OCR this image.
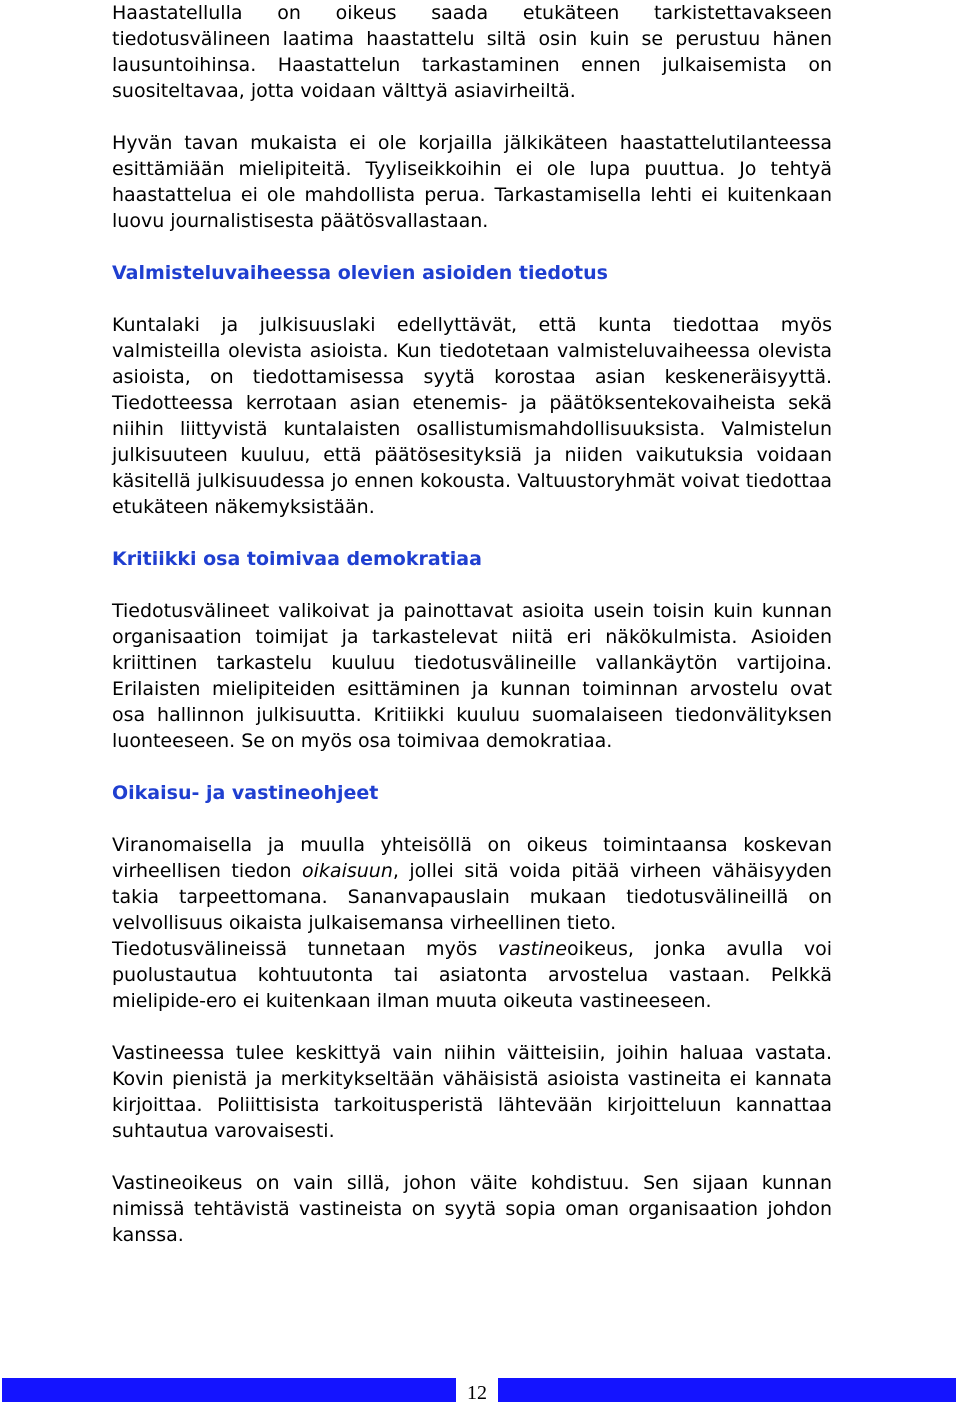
Haastatellulla on oikeus saada etukäteen tarkistettavakseen tiedotusvälineen laatima haastattelu siltä osin kuin se perustuu hänen lausuntoihinsa. Haastattelun tarkastaminen ennen julkaisemista on suositeltavaa, jotta voidaan välttyä asiavirheiltä.

Hyvän tavan mukaista ei ole korjailla jälkikäteen haastattelutilanteessa esittämiään mielipiteitä. Tyyliseikkoihin ei ole lupa puuttua. Jo tehtyä haastattelua ei ole mahdollista perua. Tarkastamisella lehti ei kuitenkaan luovu journalistisesta päätösvallastaan.

Valmisteluvaiheessa olevien asioiden tiedotus

Kuntalaki ja julkisuuslaki edellyttävät, että kunta tiedottaa myös valmisteilla olevista asioista. Kun tiedotetaan valmisteluvaiheessa olevista asioista, on tiedottamisessa syytä korostaa asian keskeneräisyyttä. Tiedotteessa kerrotaan asian etenemis- ja päätöksentekovaiheista sekä niihin liittyvistä kuntalaisten osallistumismahdollisuuksista. Valmistelun julkisuuteen kuuluu, että päätösesityksiä ja niiden vaikutuksia voidaan käsitellä julkisuudessa jo ennen kokousta. Valtuustoryhmät voivat tiedottaa etukäteen näkemyksistään.

Kritiikki osa toimivaa demokratiaa

Tiedotusvälineet valikoivat ja painottavat asioita usein toisin kuin kunnan organisaation toimijat ja tarkastelevat niitä eri näkökulmista. Asioiden kriittinen tarkastelu kuuluu tiedotusvälineille vallankäytön vartijoina. Erilaisten mielipiteiden esittäminen ja kunnan toiminnan arvostelu ovat osa hallinnon julkisuutta. Kritiikki kuuluu suomalaiseen tiedonvälityksen luonteeseen. Se on myös osa toimivaa demokratiaa.

Oikaisu- ja vastineohjeet

Viranomaisella ja muulla yhteisöllä on oikeus toimintaansa koskevan virheellisen tiedon oikaisuun, jollei sitä voida pitää virheen vähäisyyden takia tarpeettomana. Sananvapauslain mukaan tiedotusvälineillä on velvollisuus oikaista julkaisemansa virheellinen tieto.

Tiedotusvälineissä tunnetaan myös vastineoikeus, jonka avulla voi puolustautua kohtuutonta tai asiatonta arvostelua vastaan. Pelkkä mielipide-ero ei kuitenkaan ilman muuta oikeuta vastineeseen.

Vastineessa tulee keskittyä vain niihin väitteisiin, joihin haluaa vastata. Kovin pienistä ja merkitykseltään vähäisistä asioista vastineita ei kannata kirjoittaa. Poliittisista tarkoitusperistä lähtevään kirjoitteluun kannattaa suhtautua varovaisesti.

Vastineoikeus on vain sillä, johon väite kohdistuu. Sen sijaan kunnan nimissä tehtävistä vastineista on syytä sopia oman organisaation johdon kanssa.

12
